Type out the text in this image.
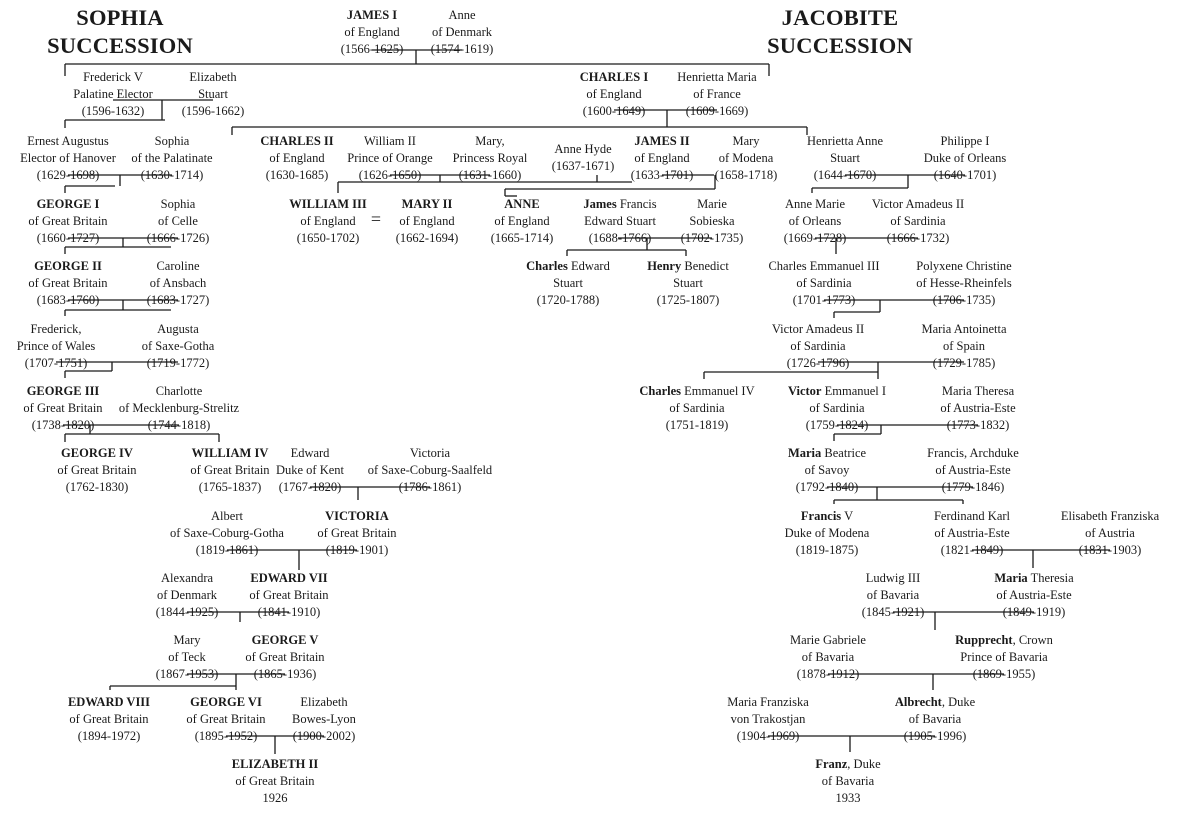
SOPHIA
SUCCESSION
JACOBITE
SUCCESSION
=
JAMES I
of England
(1566-1625)
Anne
of Denmark
(1574-1619)
Frederick V
Palatine Elector
(1596-1632)
Elizabeth
Stuart
(1596-1662)
CHARLES I
of England
(1600-1649)
Henrietta Maria
of France
(1609-1669)
Ernest Augustus
Elector of Hanover
(1629-1698)
Sophia
of the Palatinate
(1630-1714)
CHARLES II
of England
(1630-1685)
William II
Prince of Orange
(1626-1650)
Mary,
Princess Royal
(1631-1660)
Anne Hyde
(1637-1671)
JAMES II
of England
(1633-1701)
Mary
of Modena
(1658-1718)
Henrietta Anne
Stuart
(1644-1670)
Philippe I
Duke of Orleans
(1640-1701)
GEORGE I
of Great Britain
(1660-1727)
Sophia
of Celle
(1666-1726)
WILLIAM III
of England
(1650-1702)
MARY II
of England
(1662-1694)
ANNE
of England
(1665-1714)
James Francis
Edward Stuart
(1688-1766)
Marie
Sobieska
(1702-1735)
Anne Marie
of Orleans
(1669-1728)
Victor Amadeus II
of Sardinia
(1666-1732)
GEORGE II
of Great Britain
(1683-1760)
Caroline
of Ansbach
(1683-1727)
Charles Edward
Stuart
(1720-1788)
Henry Benedict
Stuart
(1725-1807)
Charles Emmanuel III
of Sardinia
(1701-1773)
Polyxene Christine
of Hesse-Rheinfels
(1706-1735)
Frederick,
Prince of Wales
(1707-1751)
Augusta
of Saxe-Gotha
(1719-1772)
Victor Amadeus II
of Sardinia
(1726-1796)
Maria Antoinetta
of Spain
(1729-1785)
GEORGE III
of Great Britain
(1738-1820)
Charlotte
of Mecklenburg-Strelitz
(1744-1818)
Charles Emmanuel IV
of Sardinia
(1751-1819)
Victor Emmanuel I
of Sardinia
(1759-1824)
Maria Theresa
of Austria-Este
(1773-1832)
GEORGE IV
of Great Britain
(1762-1830)
WILLIAM IV
of Great Britain
(1765-1837)
Edward
Duke of Kent
(1767-1820)
Victoria
of Saxe-Coburg-Saalfeld
(1786-1861)
Maria Beatrice
of Savoy
(1792-1840)
Francis, Archduke
of Austria-Este
(1779-1846)
Albert
of Saxe-Coburg-Gotha
(1819-1861)
VICTORIA
of Great Britain
(1819-1901)
Francis V
Duke of Modena
(1819-1875)
Ferdinand Karl
of Austria-Este
(1821-1849)
Elisabeth Franziska
of Austria
(1831-1903)
Alexandra
of Denmark
(1844-1925)
EDWARD VII
of Great Britain
(1841-1910)
Ludwig III
of Bavaria
(1845-1921)
Maria Theresia
of Austria-Este
(1849-1919)
Mary
of Teck
(1867-1953)
GEORGE V
of Great Britain
(1865-1936)
Marie Gabriele
of Bavaria
(1878-1912)
Rupprecht, Crown
Prince of Bavaria
(1869-1955)
EDWARD VIII
of Great Britain
(1894-1972)
GEORGE VI
of Great Britain
(1895-1952)
Elizabeth
Bowes-Lyon
(1900-2002)
Maria Franziska
von Trakostjan
(1904-1969)
Albrecht, Duke
of Bavaria
(1905-1996)
ELIZABETH II
of Great Britain
1926
Franz, Duke
of Bavaria
1933
